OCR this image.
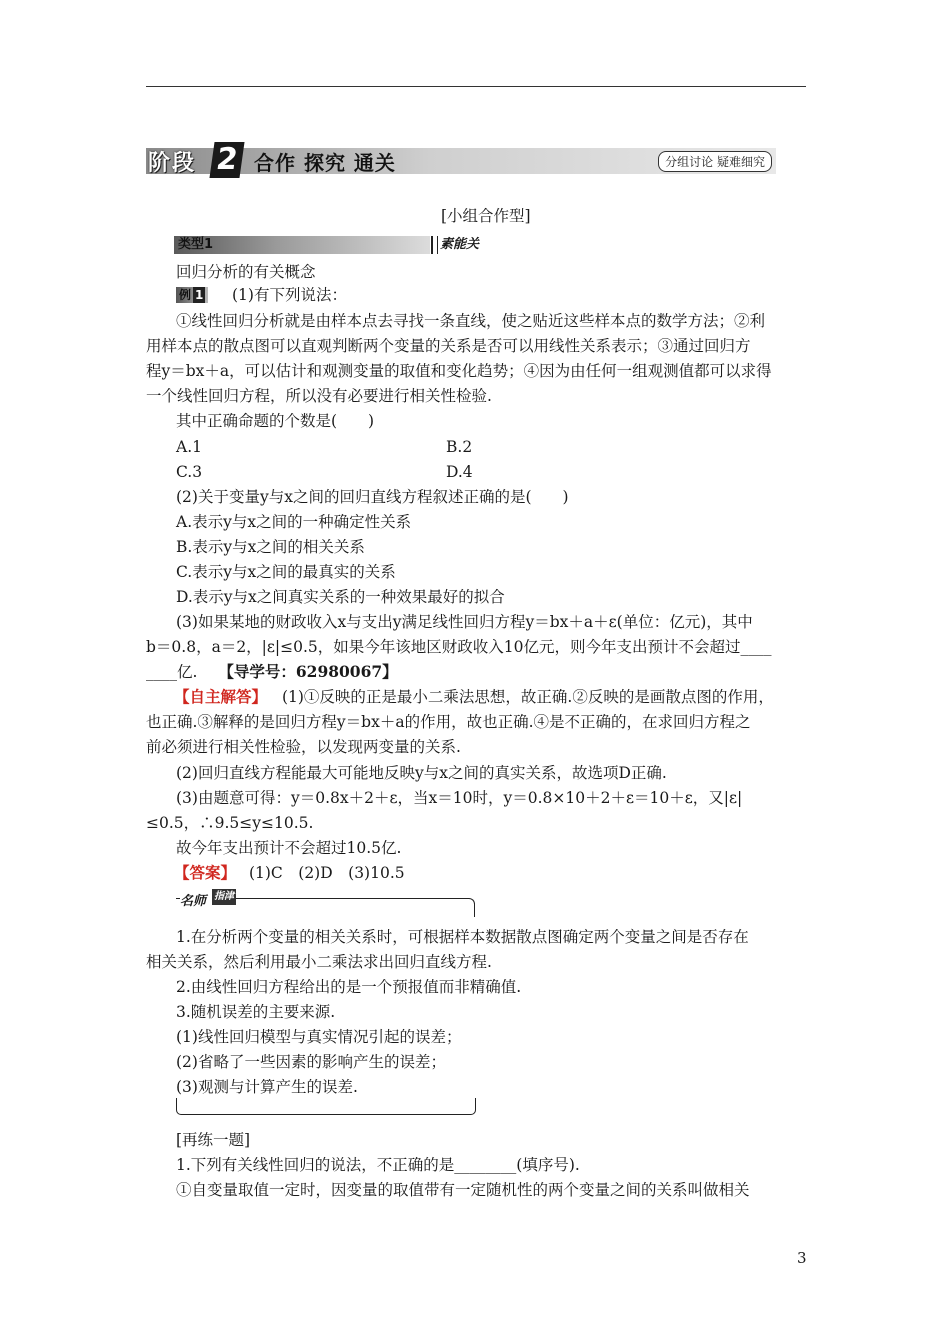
阶段 2 合作 探究 通关	分组讨论 疑难细究
[小组合作型]
类型1	素能关
回归分析的有关概念
例 1	(1)有下列说法：
①线性回归分析就是由样本点去寻找一条直线，使之贴近这些样本点的数学方法；②利
用样本点的散点图可以直观判断两个变量的关系是否可以用线性关系表示；③通过回归方
程y＝bx＋a，可以估计和观测变量的取值和变化趋势；④因为由任何一组观测值都可以求得
一个线性回归方程，所以没有必要进行相关性检验.
其中正确命题的个数是(　　)
A.1	B.2
C.3	D.4
(2)关于变量y与x之间的回归直线方程叙述正确的是(　　)
A.表示y与x之间的一种确定性关系
B.表示y与x之间的相关关系
C.表示y与x之间的最真实的关系
D.表示y与x之间真实关系的一种效果最好的拟合
(3)如果某地的财政收入x与支出y满足线性回归方程y＝bx＋a＋ε(单位：亿元)，其中
b＝0.8，a＝2，|ε|≤0.5，如果今年该地区财政收入10亿元，则今年支出预计不会超过____
____亿. 【导学号：62980067】
【自主解答】 (1)①反映的正是最小二乘法思想，故正确.②反映的是画散点图的作用，
也正确.③解释的是回归方程y＝bx＋a的作用，故也正确.④是不正确的，在求回归方程之
前必须进行相关性检验，以发现两变量的关系.
(2)回归直线方程能最大可能地反映y与x之间的真实关系，故选项D正确.
(3)由题意可得：y＝0.8x＋2＋ε，当x＝10时，y＝0.8×10＋2＋ε＝10＋ε，又|ε|
≤0.5，∴9.5≤y≤10.5.
故今年支出预计不会超过10.5亿.
【答案】 (1)C　(2)D　(3)10.5
名师 指津
1.在分析两个变量的相关关系时，可根据样本数据散点图确定两个变量之间是否存在
相关关系，然后利用最小二乘法求出回归直线方程.
2.由线性回归方程给出的是一个预报值而非精确值.
3.随机误差的主要来源.
(1)线性回归模型与真实情况引起的误差；
(2)省略了一些因素的影响产生的误差；
(3)观测与计算产生的误差.
[再练一题]
1.下列有关线性回归的说法，不正确的是________(填序号).
①自变量取值一定时，因变量的取值带有一定随机性的两个变量之间的关系叫做相关
3
